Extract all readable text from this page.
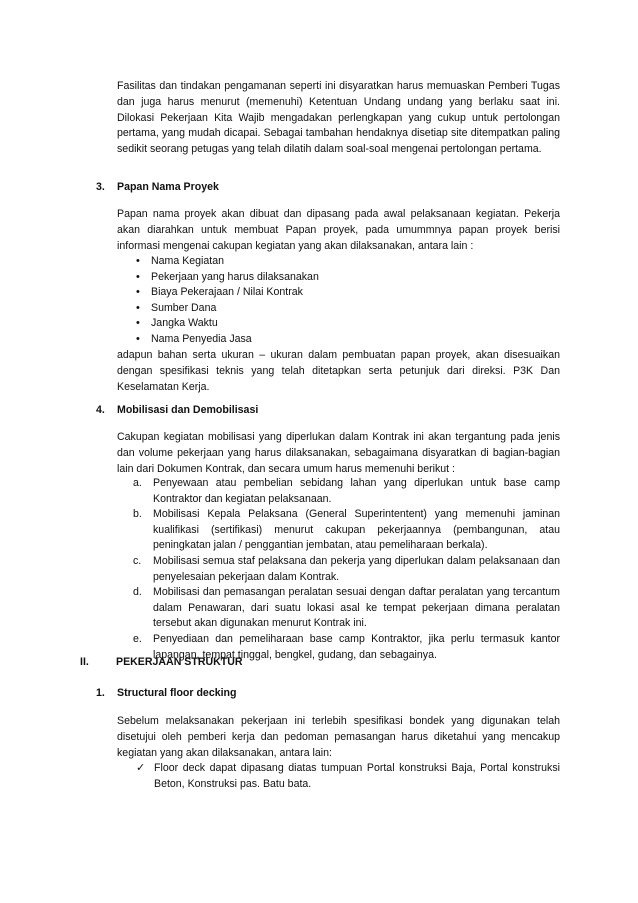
Fasilitas dan tindakan pengamanan seperti ini disyaratkan harus memuaskan Pemberi Tugas dan juga harus menurut (memenuhi) Ketentuan Undang undang yang berlaku saat ini. Dilokasi Pekerjaan Kita Wajib mengadakan perlengkapan yang cukup untuk pertolongan pertama, yang mudah dicapai. Sebagai tambahan hendaknya disetiap site ditempatkan paling sedikit seorang petugas yang telah dilatih dalam soal-soal mengenai pertolongan pertama.

3. Papan Nama Proyek

Papan nama proyek akan dibuat dan dipasang pada awal pelaksanaan kegiatan. Pekerja akan diarahkan untuk membuat Papan proyek, pada umummnya papan proyek berisi informasi mengenai cakupan kegiatan yang akan dilaksanakan, antara lain :

• Nama Kegiatan
• Pekerjaan yang harus dilaksanakan
• Biaya Pekerajaan / Nilai Kontrak
• Sumber Dana
• Jangka Waktu
• Nama Penyedia Jasa

adapun bahan serta ukuran – ukuran dalam pembuatan papan proyek, akan disesuaikan dengan spesifikasi teknis yang telah ditetapkan serta petunjuk dari direksi. P3K Dan Keselamatan Kerja.

4. Mobilisasi dan Demobilisasi

Cakupan kegiatan mobilisasi yang diperlukan dalam Kontrak ini akan tergantung pada jenis dan volume pekerjaan yang harus dilaksanakan, sebagaimana disyaratkan di bagian-bagian lain dari Dokumen Kontrak, dan secara umum harus memenuhi berikut :

a. Penyewaan atau pembelian sebidang lahan yang diperlukan untuk base camp Kontraktor dan kegiatan pelaksanaan.
b. Mobilisasi Kepala Pelaksana (General Superintentent) yang memenuhi jaminan kualifikasi (sertifikasi) menurut cakupan pekerjaannya (pembangunan, atau peningkatan jalan / penggantian jembatan, atau pemeliharaan berkala).
c. Mobilisasi semua staf pelaksana dan pekerja yang diperlukan dalam pelaksanaan dan penyelesaian pekerjaan dalam Kontrak.
d. Mobilisasi dan pemasangan peralatan sesuai dengan daftar peralatan yang tercantum dalam Penawaran, dari suatu lokasi asal ke tempat pekerjaan dimana peralatan tersebut akan digunakan menurut Kontrak ini.
e. Penyediaan dan pemeliharaan base camp Kontraktor, jika perlu termasuk kantor lapangan, tempat tinggal, bengkel, gudang, dan sebagainya.
II.	PEKERJAAN STRUKTUR
1. Structural floor decking

Sebelum melaksanakan pekerjaan ini terlebih spesifikasi bondek yang digunakan telah disetujui oleh pemberi kerja dan pedoman pemasangan harus diketahui yang mencakup kegiatan yang akan dilaksanakan, antara lain:

✓ Floor deck dapat dipasang diatas tumpuan Portal konstruksi Baja, Portal konstruksi Beton, Konstruksi pas. Batu bata.
